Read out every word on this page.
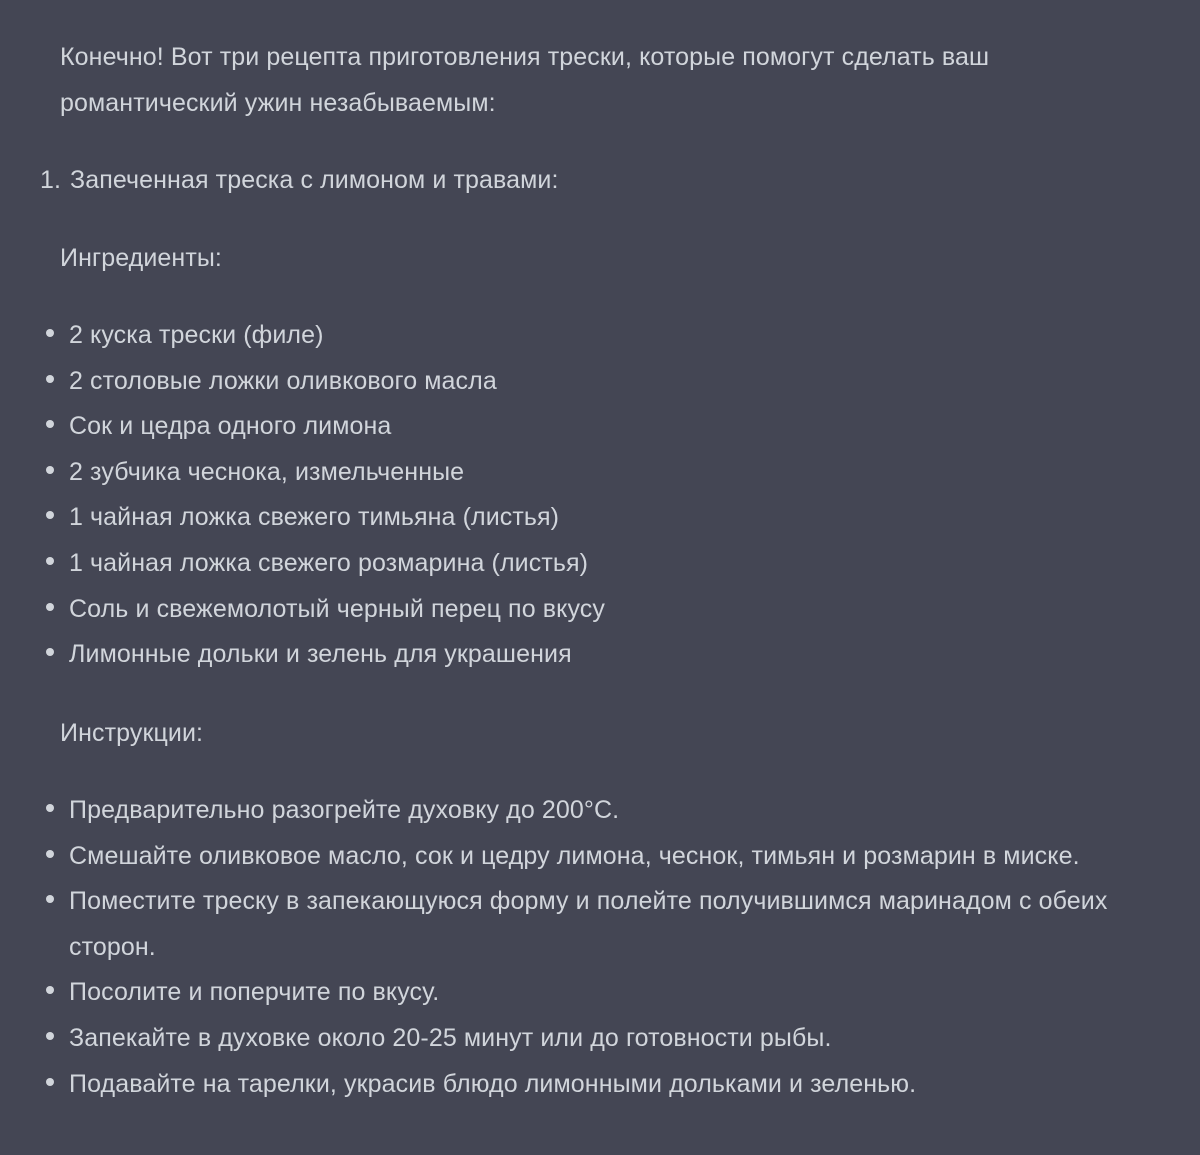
Конечно! Вот три рецепта приготовления трески, которые помогут сделать ваш романтический ужин незабываемым:

1. Запеченная треска с лимоном и травами:

Ингредиенты:

2 куска трески (филе)
2 столовые ложки оливкового масла
Сок и цедра одного лимона
2 зубчика чеснока, измельченные
1 чайная ложка свежего тимьяна (листья)
1 чайная ложка свежего розмарина (листья)
Соль и свежемолотый черный перец по вкусу
Лимонные дольки и зелень для украшения

Инструкции:

Предварительно разогрейте духовку до 200°C.
Смешайте оливковое масло, сок и цедру лимона, чеснок, тимьян и розмарин в миске.
Поместите треску в запекающуюся форму и полейте получившимся маринадом с обеих сторон.
Посолите и поперчите по вкусу.
Запекайте в духовке около 20-25 минут или до готовности рыбы.
Подавайте на тарелки, украсив блюдо лимонными дольками и зеленью.
